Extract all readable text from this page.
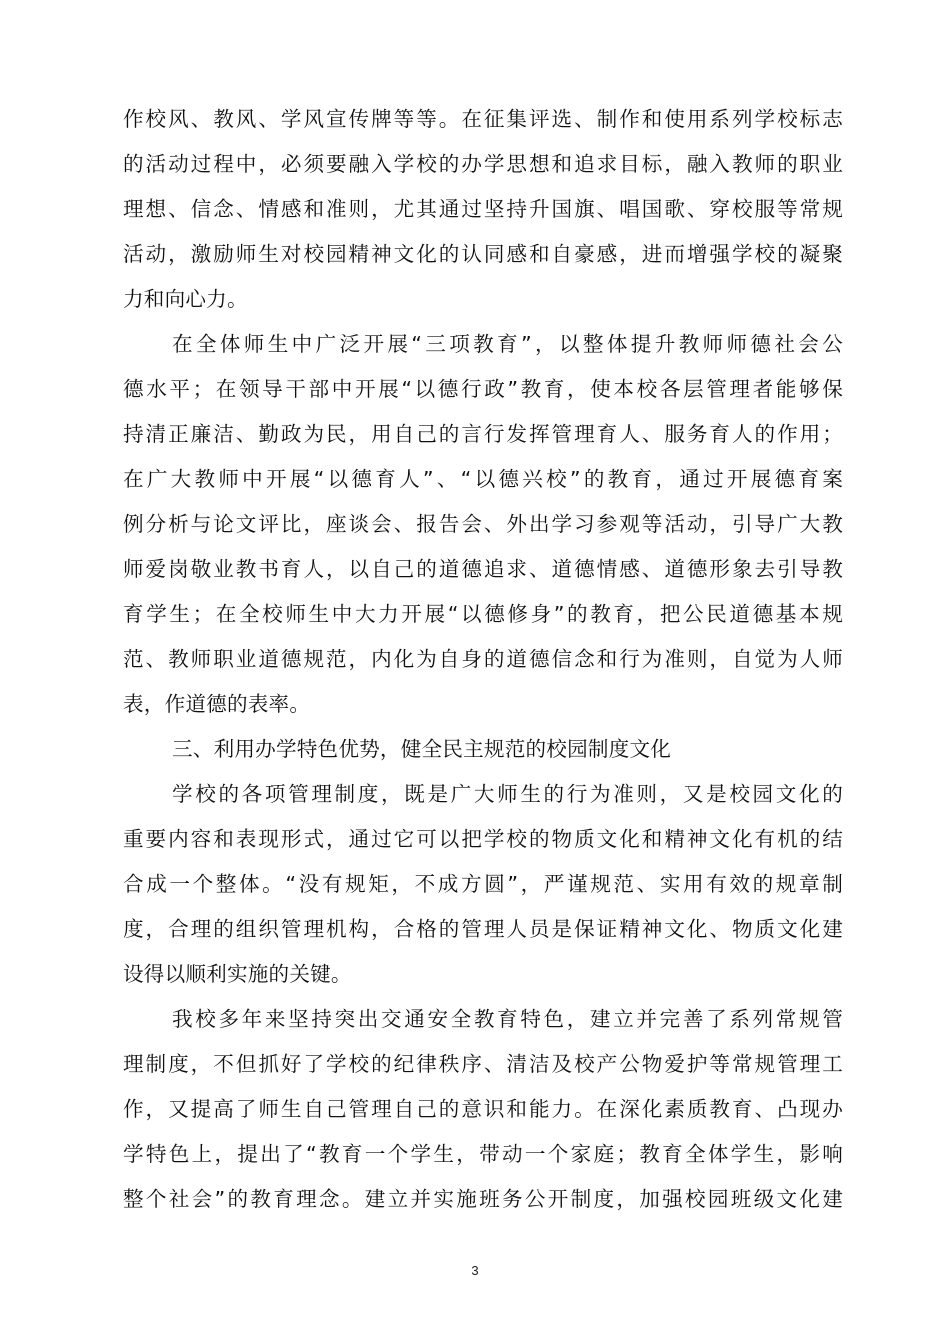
作校风、教风、学风宣传牌等等。在征集评选、制作和使用系列学校标志
的活动过程中，必须要融入学校的办学思想和追求目标，融入教师的职业
理想、信念、情感和准则，尤其通过坚持升国旗、唱国歌、穿校服等常规
活动，激励师生对校园精神文化的认同感和自豪感，进而增强学校的凝聚
力和向心力。
在全体师生中广泛开展“三项教育”，以整体提升教师师德社会公
德水平；在领导干部中开展“以德行政”教育，使本校各层管理者能够保
持清正廉洁、勤政为民，用自己的言行发挥管理育人、服务育人的作用；
在广大教师中开展“以德育人”、“以德兴校”的教育，通过开展德育案
例分析与论文评比，座谈会、报告会、外出学习参观等活动，引导广大教
师爱岗敬业教书育人，以自己的道德追求、道德情感、道德形象去引导教
育学生；在全校师生中大力开展“以德修身”的教育，把公民道德基本规
范、教师职业道德规范，内化为自身的道德信念和行为准则，自觉为人师
表，作道德的表率。
三、利用办学特色优势，健全民主规范的校园制度文化
学校的各项管理制度，既是广大师生的行为准则，又是校园文化的
重要内容和表现形式，通过它可以把学校的物质文化和精神文化有机的结
合成一个整体。“没有规矩，不成方圆”，严谨规范、实用有效的规章制
度，合理的组织管理机构，合格的管理人员是保证精神文化、物质文化建
设得以顺利实施的关键。
我校多年来坚持突出交通安全教育特色，建立并完善了系列常规管
理制度，不但抓好了学校的纪律秩序、清洁及校产公物爱护等常规管理工
作，又提高了师生自己管理自己的意识和能力。在深化素质教育、凸现办
学特色上，提出了“教育一个学生，带动一个家庭；教育全体学生，影响
整个社会”的教育理念。建立并实施班务公开制度，加强校园班级文化建
3
